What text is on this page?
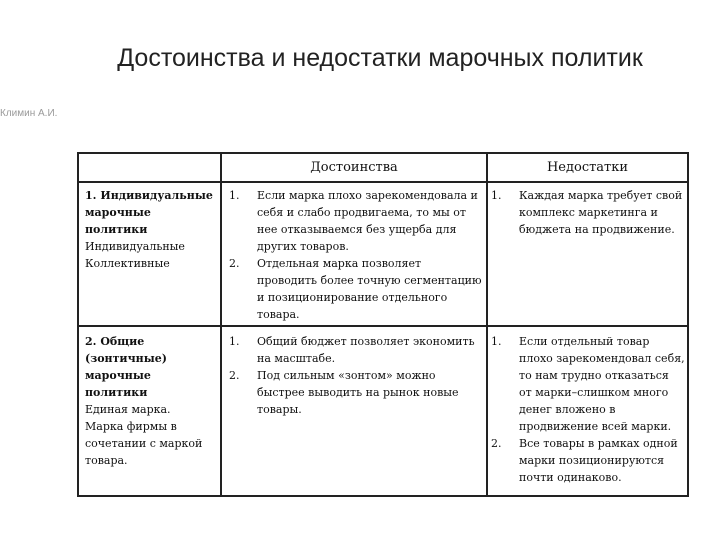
Достоинства и недостатки марочных политик
Климин А.И.
Достоинства	Недостатки
1. Индивидуальные
марочные политики
Индивидуальные
Коллективные
1. Если марка плохо зарекомендовала и себя и слабо продвигаема, то мы от нее отказываемся без ущерба для других товаров.
2. Отдельная марка позволяет проводить более точную сегментацию и позиционирование отдельного товара.
1. Каждая марка требует свой комплекс маркетинга и бюджета на продвижение.
2. Общие
(зонтичные)
марочные политики
Единая марка.
Марка фирмы в сочетании с маркой товара.
1. Общий бюджет позволяет экономить на масштабе.
2. Под сильным «зонтом» можно быстрее выводить на рынок новые товары.
1. Если отдельный товар плохо зарекомендовал себя, то нам трудно отказаться от марки–слишком много денег вложено в продвижение всей марки.
2. Все товары в рамках одной марки позиционируются почти одинаково.
